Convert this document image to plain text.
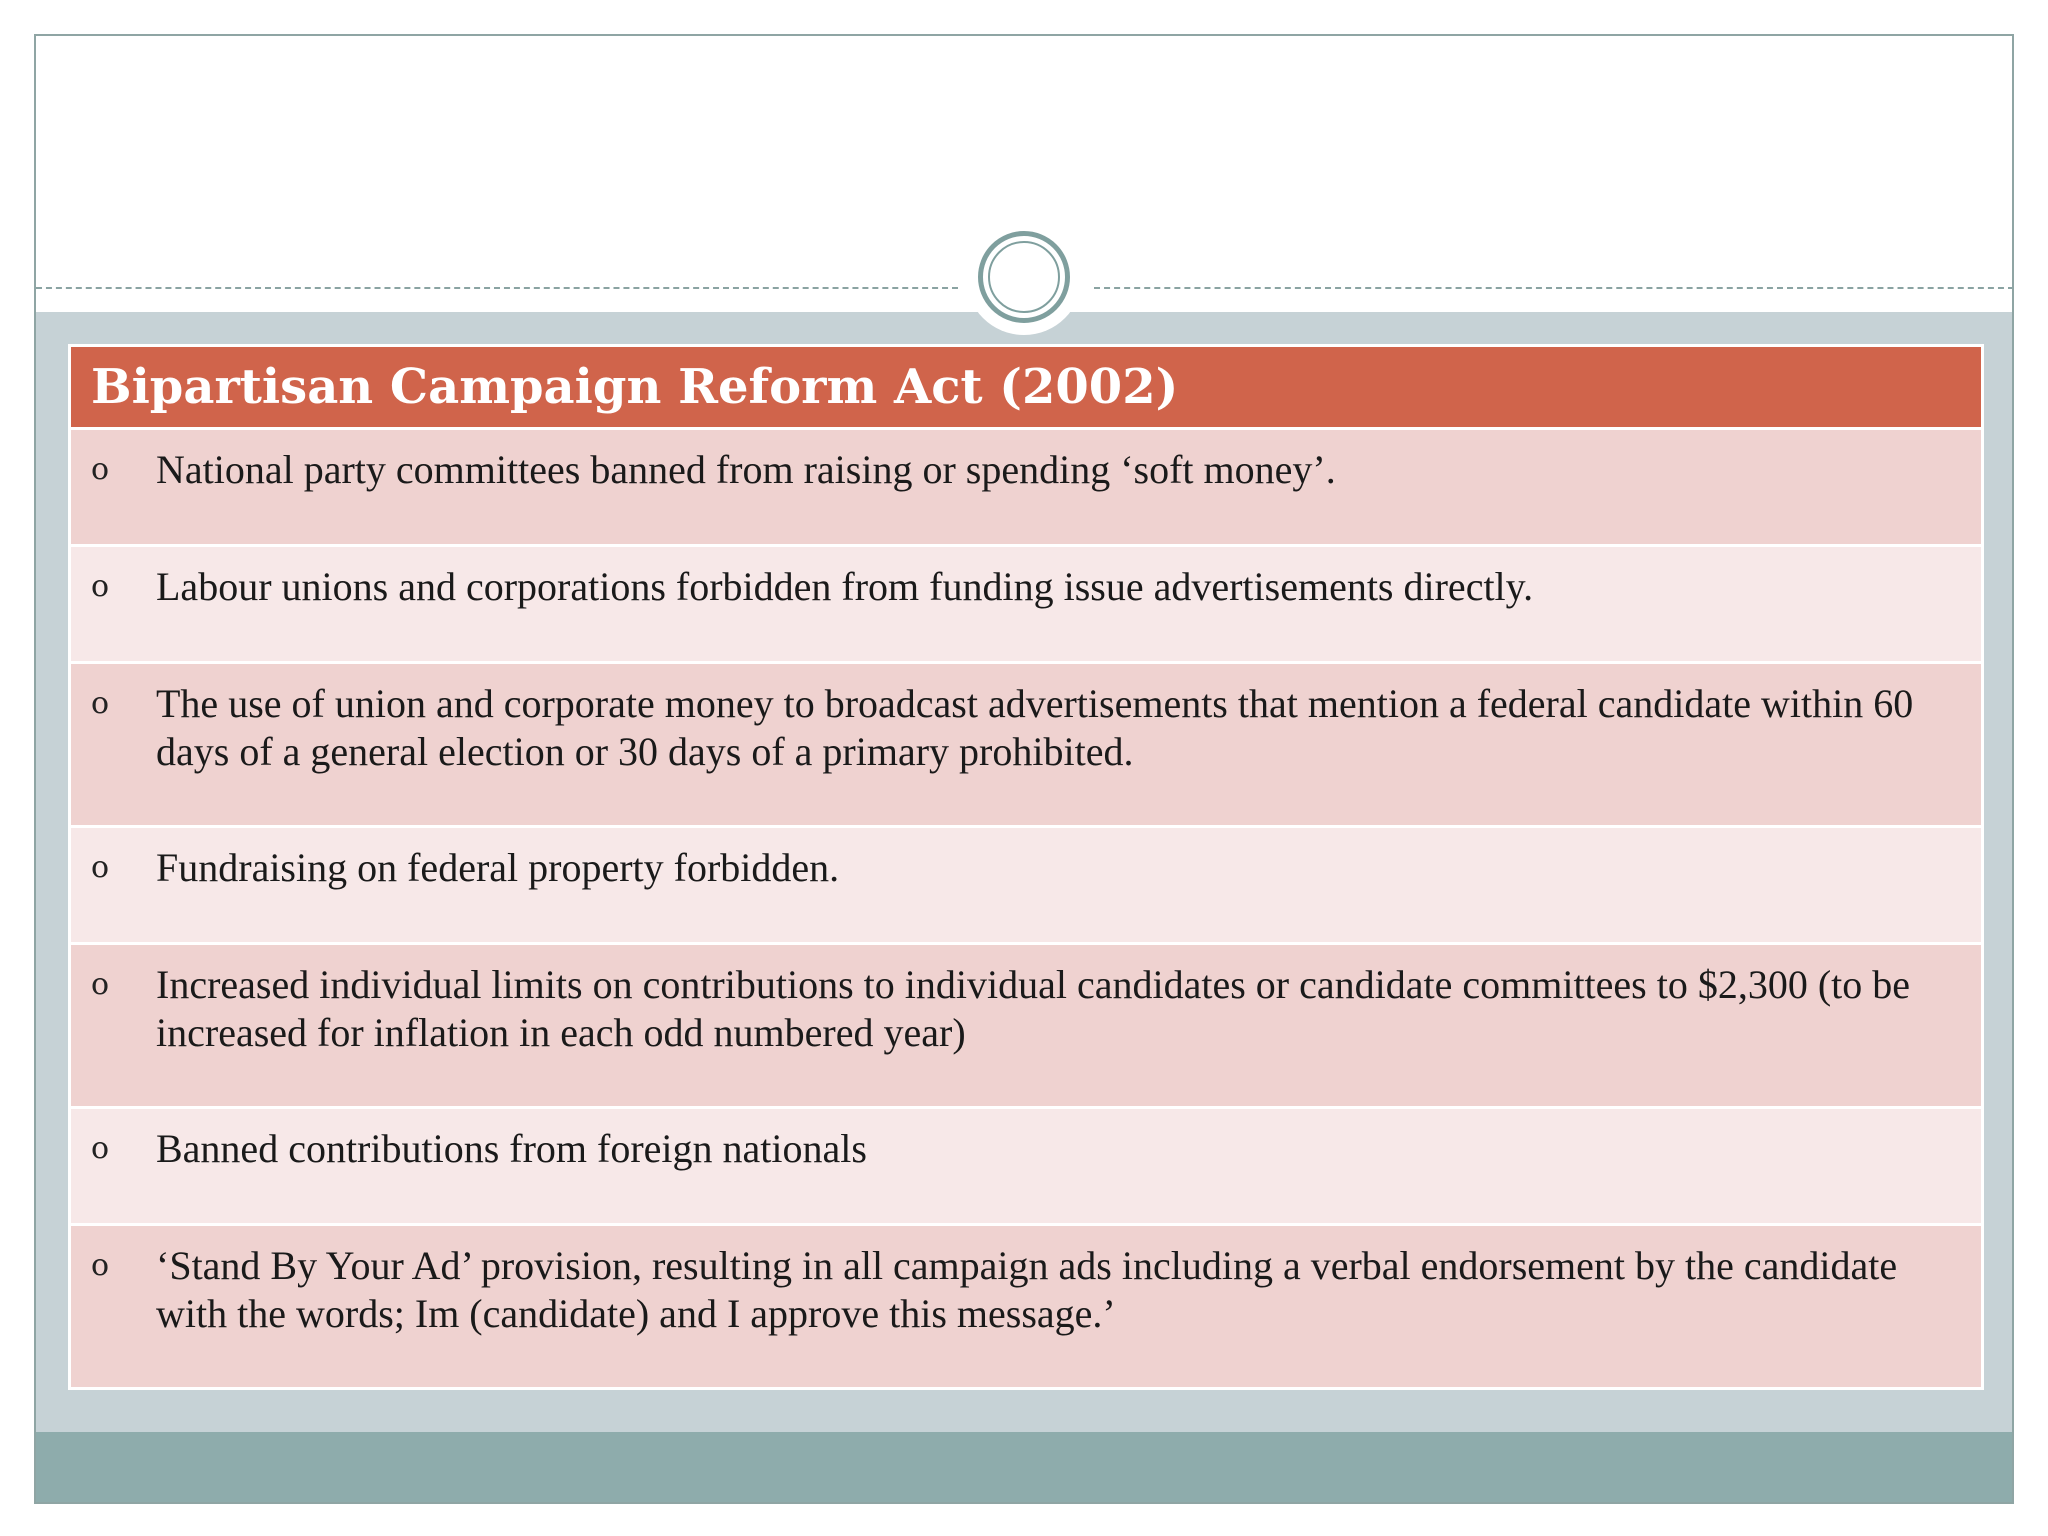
Bipartisan Campaign Reform Act (2002)
o	National party committees banned from raising or spending ‘soft money’.
o	Labour unions and corporations forbidden from funding issue advertisements directly.
o	The use of union and corporate money to broadcast advertisements that mention a federal candidate within 60 days of a general election or 30 days of a primary prohibited.
o	Fundraising on federal property forbidden.
o	Increased individual limits on contributions to individual candidates or candidate committees to $2,300 (to be increased for inflation in each odd numbered year)
o	Banned contributions from foreign nationals
o	‘Stand By Your Ad’ provision, resulting in all campaign ads including a verbal endorsement by the candidate with the words; Im (candidate) and I approve this message.’
